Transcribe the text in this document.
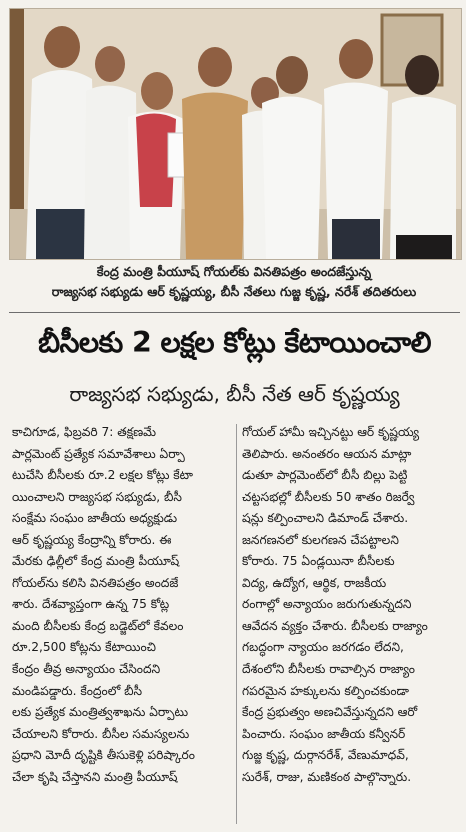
కేంద్ర మంత్రి పీయూష్ గోయల్‌కు వినతిపత్రం అందజేస్తున్న
రాజ్యసభ సభ్యుడు ఆర్ కృష్ణయ్య, బీసీ నేతలు గుజ్జ కృష్ణ, నరేశ్ తదితరులు
బీసీలకు 2 లక్షల కోట్లు కేటాయించాలి
రాజ్యసభ సభ్యుడు, బీసీ నేత ఆర్ కృష్ణయ్య
కాచిగూడ, ఫిబ్రవరి 7: తక్షణమే
పార్లమెంట్ ప్రత్యేక సమావేశాలు ఏర్పా
టుచేసి బీసీలకు రూ.2 లక్షల కోట్లు కేటా
యించాలని రాజ్యసభ సభ్యుడు, బీసీ
సంక్షేమ సంఘం జాతీయ అధ్యక్షుడు
ఆర్ కృష్ణయ్య కేంద్రాన్ని కోరారు. ఈ
మేరకు ఢిల్లీలో కేంద్ర మంత్రి పీయూష్
గోయల్‌ను కలిసి వినతిపత్రం అందజే
శారు. దేశవ్యాప్తంగా ఉన్న 75 కోట్ల
మంది బీసీలకు కేంద్ర బడ్జెట్‌లో కేవలం
రూ.2,500 కోట్లను కేటాయించి
కేంద్రం తీవ్ర అన్యాయం చేసిందని
మండిపడ్డారు. కేంద్రంలో బీసీ
లకు ప్రత్యేక మంత్రిత్వశాఖను ఏర్పాటు
చేయాలని కోరారు. బీసీల సమస్యలను
ప్రధాని మోదీ దృష్టికి తీసుకెళ్లి పరిష్కారం
చేలా కృషి చేస్తానని మంత్రి పీయూష్
గోయల్ హామీ ఇచ్చినట్టు ఆర్ కృష్ణయ్య
తెలిపారు. అనంతరం ఆయన మాట్లా
డుతూ పార్లమెంట్‌లో బీసీ బిల్లు పెట్టి
చట్టసభల్లో బీసీలకు 50 శాతం రిజర్వే
షన్లు కల్పించాలని డిమాండ్ చేశారు.
జనగణనలో కులగణన చేపట్టాలని
కోరారు. 75 ఏండ్లయినా బీసీలకు
విద్య, ఉద్యోగ, ఆర్థిక, రాజకీయ
రంగాల్లో అన్యాయం జరుగుతున్నదని
ఆవేదన వ్యక్తం చేశారు. బీసీలకు రాజ్యాం
గబద్ధంగా న్యాయం జరగడం లేదని,
దేశంలోని బీసీలకు రావాల్సిన రాజ్యాం
గపరమైన హక్కులను కల్పించకుండా
కేంద్ర ప్రభుత్వం అణచివేస్తున్నదని ఆరో
పించారు. సంఘం జాతీయ కన్వీనర్
గుజ్జ కృష్ణ, దుర్గానరేశ్, వేణుమాధవ్,
సురేశ్, రాజు, మణికంఠ పాల్గొన్నారు.
